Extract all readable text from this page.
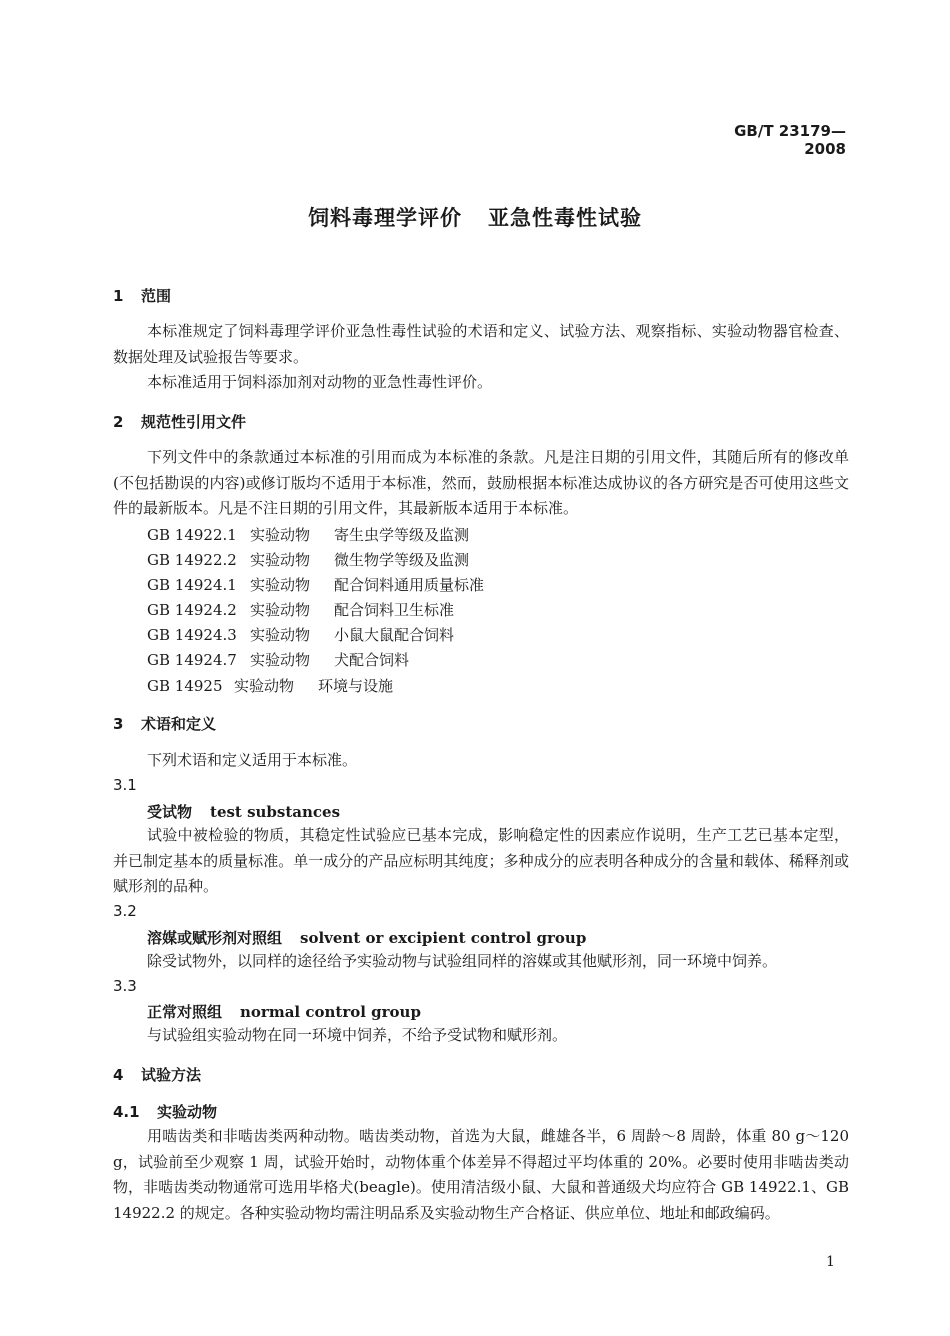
GB/T 23179—2008
饲料毒理学评价 亚急性毒性试验
1 范围

本标准规定了饲料毒理学评价亚急性毒性试验的术语和定义、试验方法、观察指标、实验动物器官检查、数据处理及试验报告等要求。

本标准适用于饲料添加剂对动物的亚急性毒性评价。

2 规范性引用文件

下列文件中的条款通过本标准的引用而成为本标准的条款。凡是注日期的引用文件，其随后所有的修改单(不包括勘误的内容)或修订版均不适用于本标准，然而，鼓励根据本标准达成协议的各方研究是否可使用这些文件的最新版本。凡是不注日期的引用文件，其最新版本适用于本标准。

GB 14922.1 实验动物 寄生虫学等级及监测
GB 14922.2 实验动物 微生物学等级及监测
GB 14924.1 实验动物 配合饲料通用质量标准
GB 14924.2 实验动物 配合饲料卫生标准
GB 14924.3 实验动物 小鼠大鼠配合饲料
GB 14924.7 实验动物 犬配合饲料
GB 14925 实验动物 环境与设施
3 术语和定义
下列术语和定义适用于本标准。
3.1
受试物 test substances

试验中被检验的物质，其稳定性试验应已基本完成，影响稳定性的因素应作说明，生产工艺已基本定型，并已制定基本的质量标准。单一成分的产品应标明其纯度；多种成分的应表明各种成分的含量和载体、稀释剂或赋形剂的品种。

3.2
溶媒或赋形剂对照组 solvent or excipient control group

除受试物外，以同样的途径给予实验动物与试验组同样的溶媒或其他赋形剂，同一环境中饲养。

3.3
正常对照组 normal control group

与试验组实验动物在同一环境中饲养，不给予受试物和赋形剂。

4 试验方法
4.1 实验动物

用啮齿类和非啮齿类两种动物。啮齿类动物，首选为大鼠，雌雄各半，6 周龄～8 周龄，体重 80 g～120 g，试验前至少观察 1 周，试验开始时，动物体重个体差异不得超过平均体重的 20%。必要时使用非啮齿类动物，非啮齿类动物通常可选用毕格犬(beagle)。使用清洁级小鼠、大鼠和普通级犬均应符合 GB 14922.1、GB 14922.2 的规定。各种实验动物均需注明品系及实验动物生产合格证、供应单位、地址和邮政编码。

1
